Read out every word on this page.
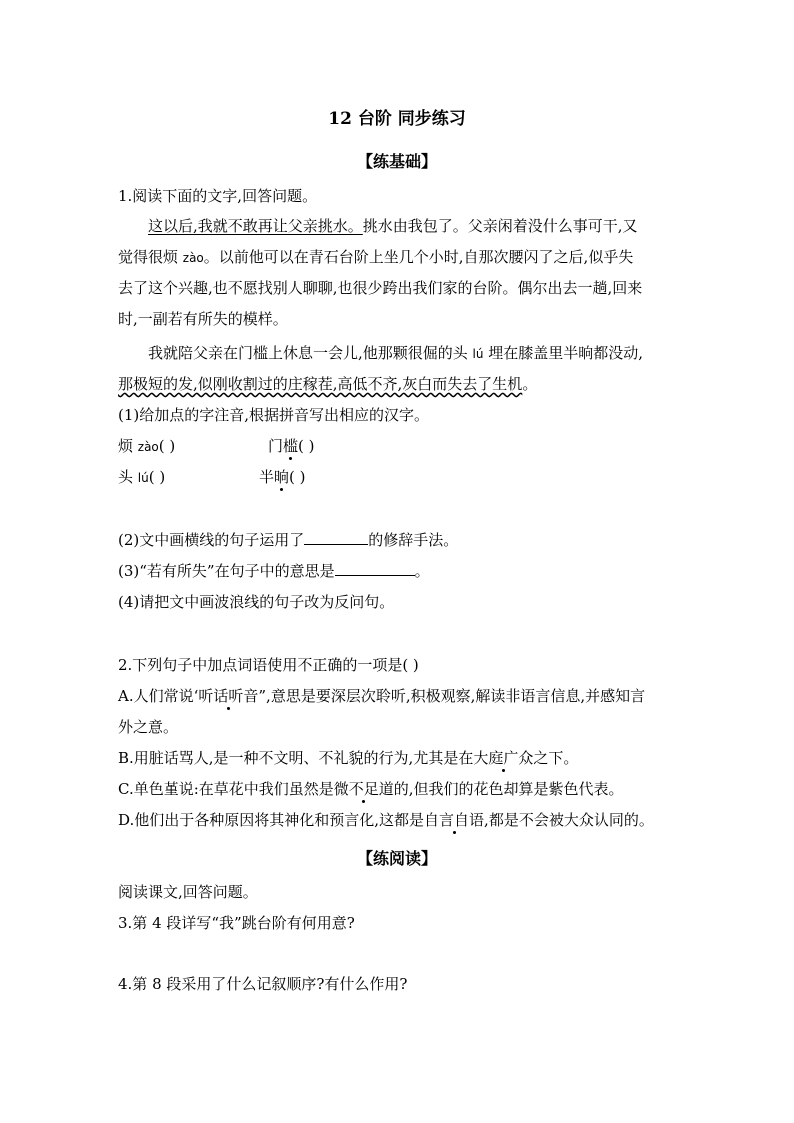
12 台阶 同步练习
【练基础】
1.阅读下面的文字,回答问题。
这以后,我就不敢再让父亲挑水。挑水由我包了。父亲闲着没什么事可干,又
觉得很烦 zào。以前他可以在青石台阶上坐几个小时,自那次腰闪了之后,似乎失
去了这个兴趣,也不愿找别人聊聊,也很少跨出我们家的台阶。偶尔出去一趟,回来
时,一副若有所失的模样。
我就陪父亲在门槛上休息一会儿,他那颗很倔的头 lú 埋在膝盖里半晌都没动,
那极短的发,似刚收割过的庄稼茬,高低不齐,灰白而失去了生机。
(1)给加点的字注音,根据拼音写出相应的汉字。
烦 zào( )	门槛( )
头 lú( )	半晌( )
(2)文中画横线的句子运用了	的修辞手法。
(3)“若有所失”在句子中的意思是	。
(4)请把文中画波浪线的句子改为反问句。
2.下列句子中加点词语使用不正确的一项是( )
A.人们常说‘听话听音”,意思是要深层次聆听,积极观察,解读非语言信息,并感知言
外之意。
B.用脏话骂人,是一种不文明、不礼貌的行为,尤其是在大庭广众之下。
C.单色堇说:在草花中我们虽然是微不足道的,但我们的花色却算是紫色代表。
D.他们出于各种原因将其神化和预言化,这都是自言自语,都是不会被大众认同的。
【练阅读】
阅读课文,回答问题。
3.第 4 段详写“我”跳台阶有何用意?
4.第 8 段采用了什么记叙顺序?有什么作用?
